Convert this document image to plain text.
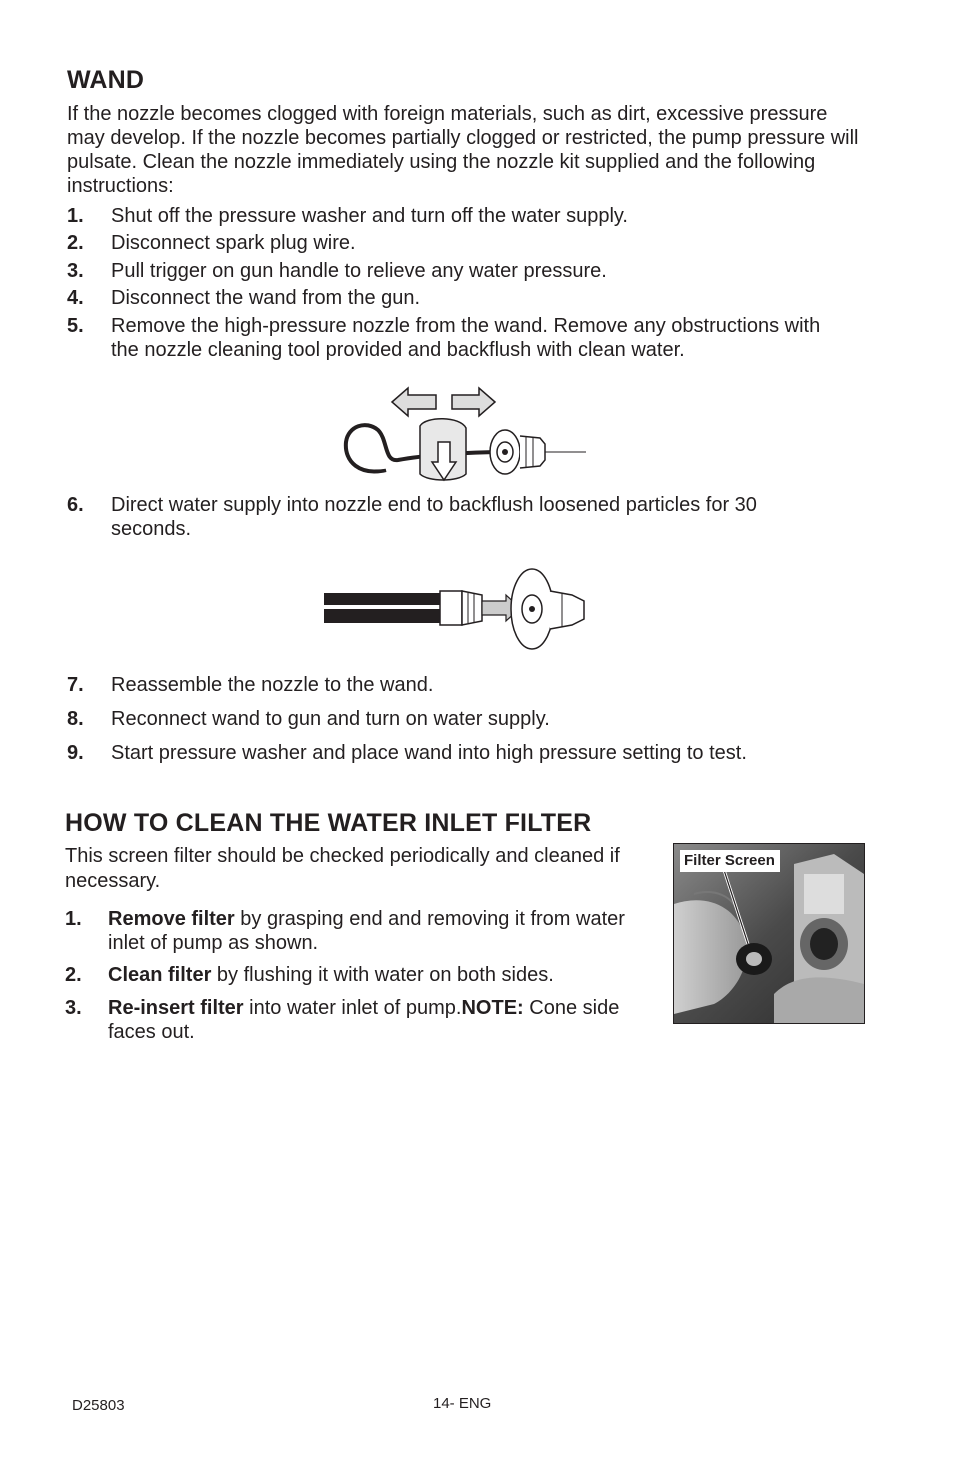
WAND

If the nozzle becomes clogged with foreign materials, such as dirt, excessive pressure may develop. If the nozzle becomes partially clogged or restricted, the pump pressure will pulsate. Clean the nozzle immediately using the nozzle kit supplied and the following instructions:

1. Shut off the pressure washer and turn off the water supply.
2. Disconnect spark plug wire.
3. Pull trigger on gun handle to relieve any water pressure.
4. Disconnect the wand from the gun.
5. Remove the high-pressure nozzle from the wand. Remove any obstructions with the nozzle cleaning tool provided and backflush with clean water.
6. Direct water supply into nozzle end to backflush loosened particles for 30 seconds.
7. Reassemble the nozzle to the wand.
8. Reconnect wand to gun and turn on water supply.
9. Start pressure washer and place wand into high pressure setting to test.
HOW TO CLEAN THE WATER INLET FILTER

This screen filter should be checked periodically and cleaned if necessary.

1. Remove filter by grasping end and removing it from water inlet of pump as shown.
2. Clean filter by flushing it with water on both sides.
3. Re-insert filter into water inlet of pump.NOTE: Cone side faces out.
Filter Screen
D25803	14- ENG
